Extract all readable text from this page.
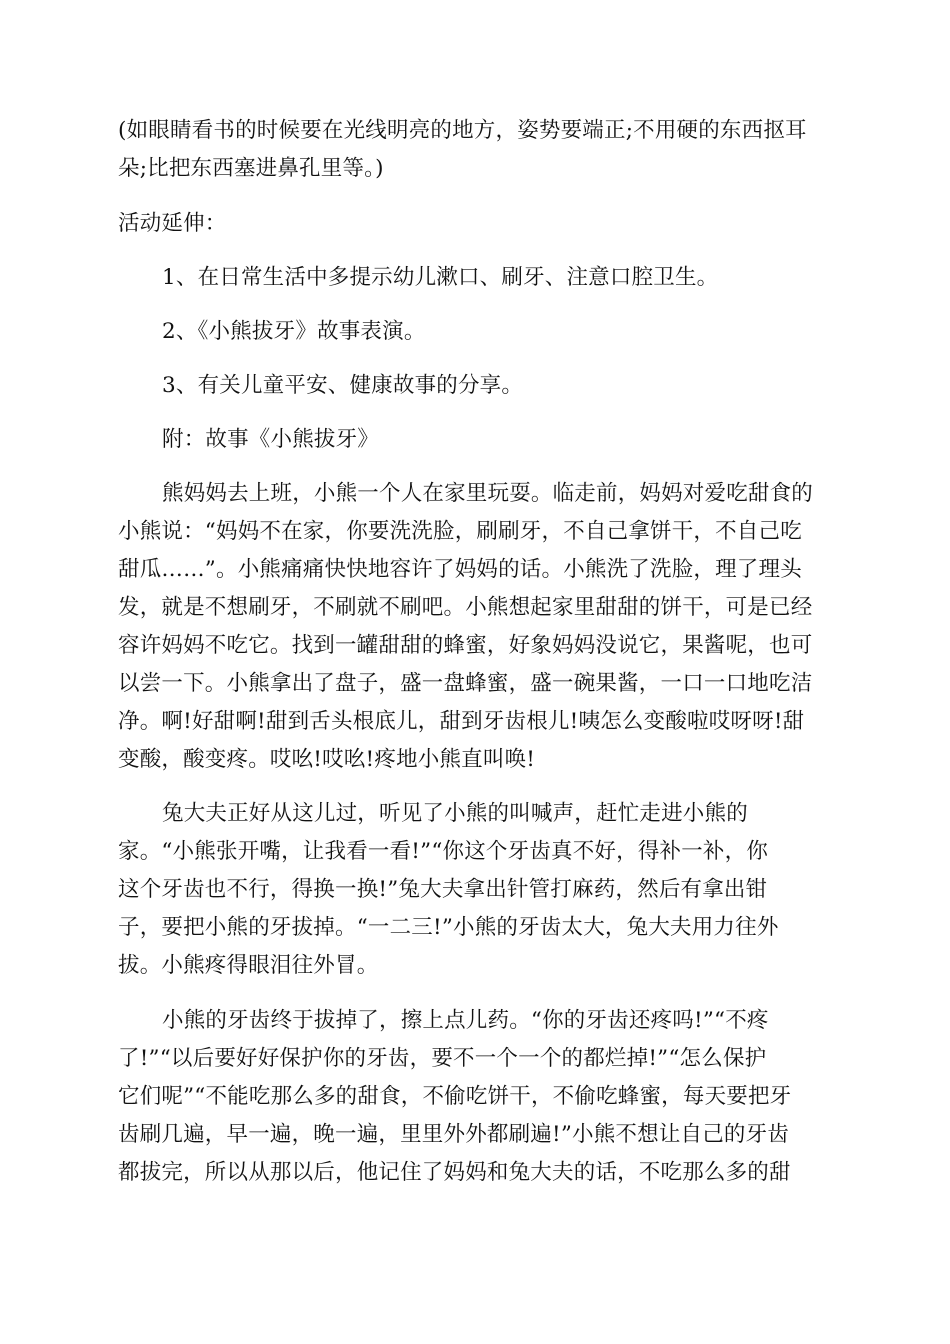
(如眼睛看书的时候要在光线明亮的地方，姿势要端正;不用硬的东西抠耳
朵;比把东西塞进鼻孔里等。)
活动延伸：
1、在日常生活中多提示幼儿漱口、刷牙、注意口腔卫生。
2、《小熊拔牙》故事表演。
3、有关儿童平安、健康故事的分享。
附：故事《小熊拔牙》
熊妈妈去上班，小熊一个人在家里玩耍。临走前，妈妈对爱吃甜食的
小熊说：“妈妈不在家，你要洗洗脸，刷刷牙，不自己拿饼干，不自己吃
甜瓜……”。小熊痛痛快快地容许了妈妈的话。小熊洗了洗脸，理了理头
发，就是不想刷牙，不刷就不刷吧。小熊想起家里甜甜的饼干，可是已经
容许妈妈不吃它。找到一罐甜甜的蜂蜜，好象妈妈没说它，果酱呢，也可
以尝一下。小熊拿出了盘子，盛一盘蜂蜜，盛一碗果酱，一口一口地吃洁
净。啊!好甜啊!甜到舌头根底儿，甜到牙齿根儿!咦怎么变酸啦哎呀呀!甜
变酸，酸变疼。哎吆!哎吆!疼地小熊直叫唤!
兔大夫正好从这儿过，听见了小熊的叫喊声，赶忙走进小熊的
家。“小熊张开嘴，让我看一看!”“你这个牙齿真不好，得补一补，你
这个牙齿也不行，得换一换!”兔大夫拿出针管打麻药，然后有拿出钳
子，要把小熊的牙拔掉。“一二三!”小熊的牙齿太大，兔大夫用力往外
拔。小熊疼得眼泪往外冒。
小熊的牙齿终于拔掉了，擦上点儿药。“你的牙齿还疼吗!”“不疼
了!”“以后要好好保护你的牙齿，要不一个一个的都烂掉!”“怎么保护
它们呢”“不能吃那么多的甜食，不偷吃饼干，不偷吃蜂蜜，每天要把牙
齿刷几遍，早一遍，晚一遍，里里外外都刷遍!”小熊不想让自己的牙齿
都拔完，所以从那以后，他记住了妈妈和兔大夫的话，不吃那么多的甜
